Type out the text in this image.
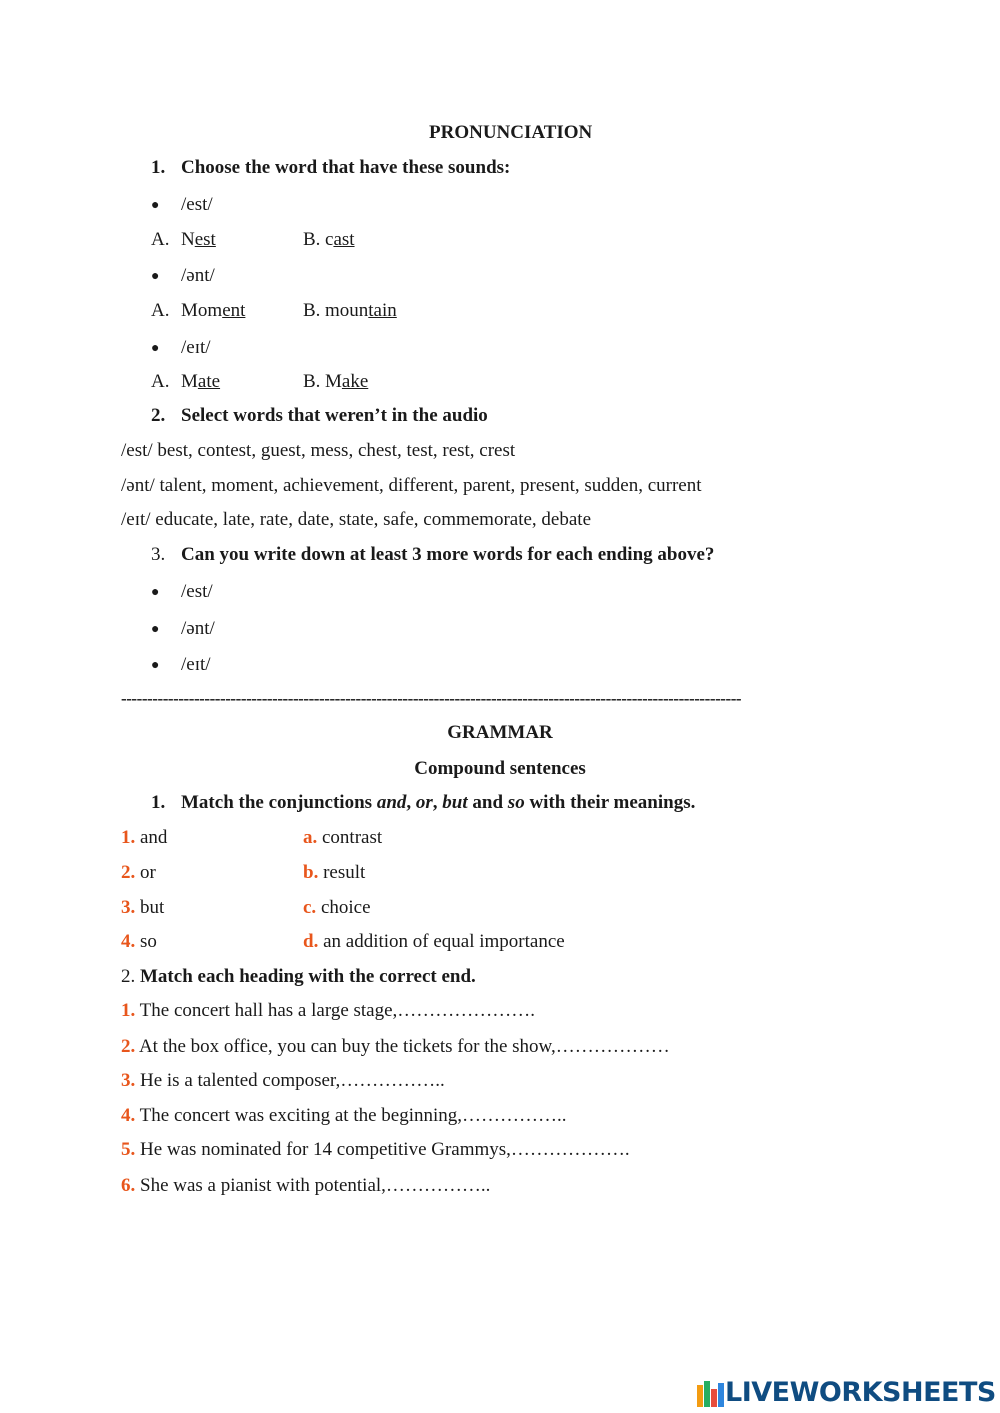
PRONUNCIATION
1. Choose the word that have these sounds:
● /est/
A. Nest	B. cast
● /ənt/
A. Moment	B. mountain
● /eɪt/
A. Mate	B. Make
2. Select words that weren’t in the audio
/est/ best, contest, guest, mess, chest, test, rest, crest
/ənt/ talent, moment, achievement, different, parent, present, sudden, current
/eɪt/ educate, late, rate, date, state, safe, commemorate, debate
3. Can you write down at least 3 more words for each ending above?
● /est/
● /ənt/
● /eɪt/
-----------------------------------------------------------------------------------------------------------------------
GRAMMAR
Compound sentences
1. Match the conjunctions and, or, but and so with their meanings.
1. and	a. contrast
2. or	b. result
3. but	c. choice
4. so	d. an addition of equal importance
2. Match each heading with the correct end.
1. The concert hall has a large stage,………………….
2. At the box office, you can buy the tickets for the show,………………
3. He is a talented composer,……………..
4. The concert was exciting at the beginning,……………..
5. He was nominated for 14 competitive Grammys,……………….
6. She was a pianist with potential,……………..
LIVEWORKSHEETS
